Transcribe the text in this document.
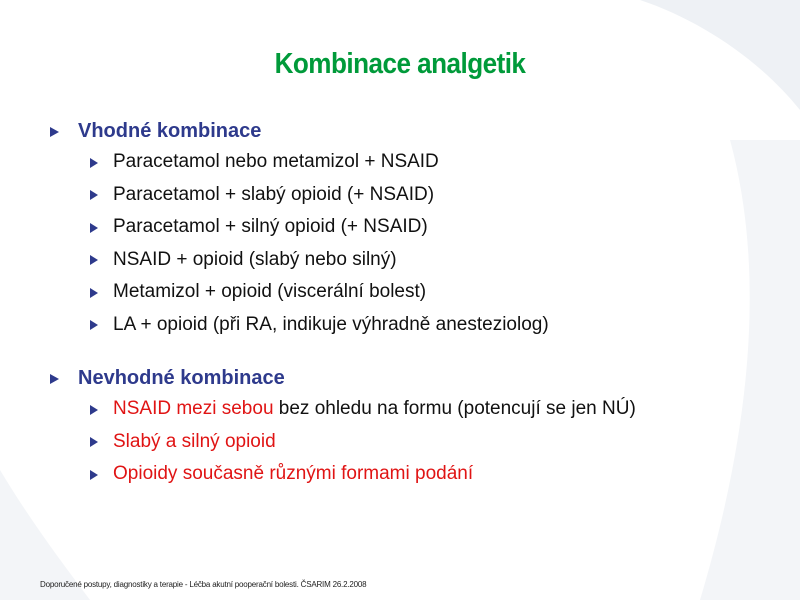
Kombinace analgetik
Vhodné kombinace
Paracetamol nebo metamizol + NSAID
Paracetamol + slabý opioid (+ NSAID)
Paracetamol + silný opioid (+ NSAID)
NSAID + opioid (slabý nebo silný)
Metamizol + opioid (viscerální bolest)
LA + opioid (při RA, indikuje výhradně anesteziolog)
Nevhodné kombinace
NSAID mezi sebou bez ohledu na formu (potencují se jen NÚ)
Slabý a silný opioid
Opioidy současně různými formami podání
Doporučené postupy, diagnostiky a terapie - Léčba akutní pooperační bolesti. ČSARIM 26.2.2008
